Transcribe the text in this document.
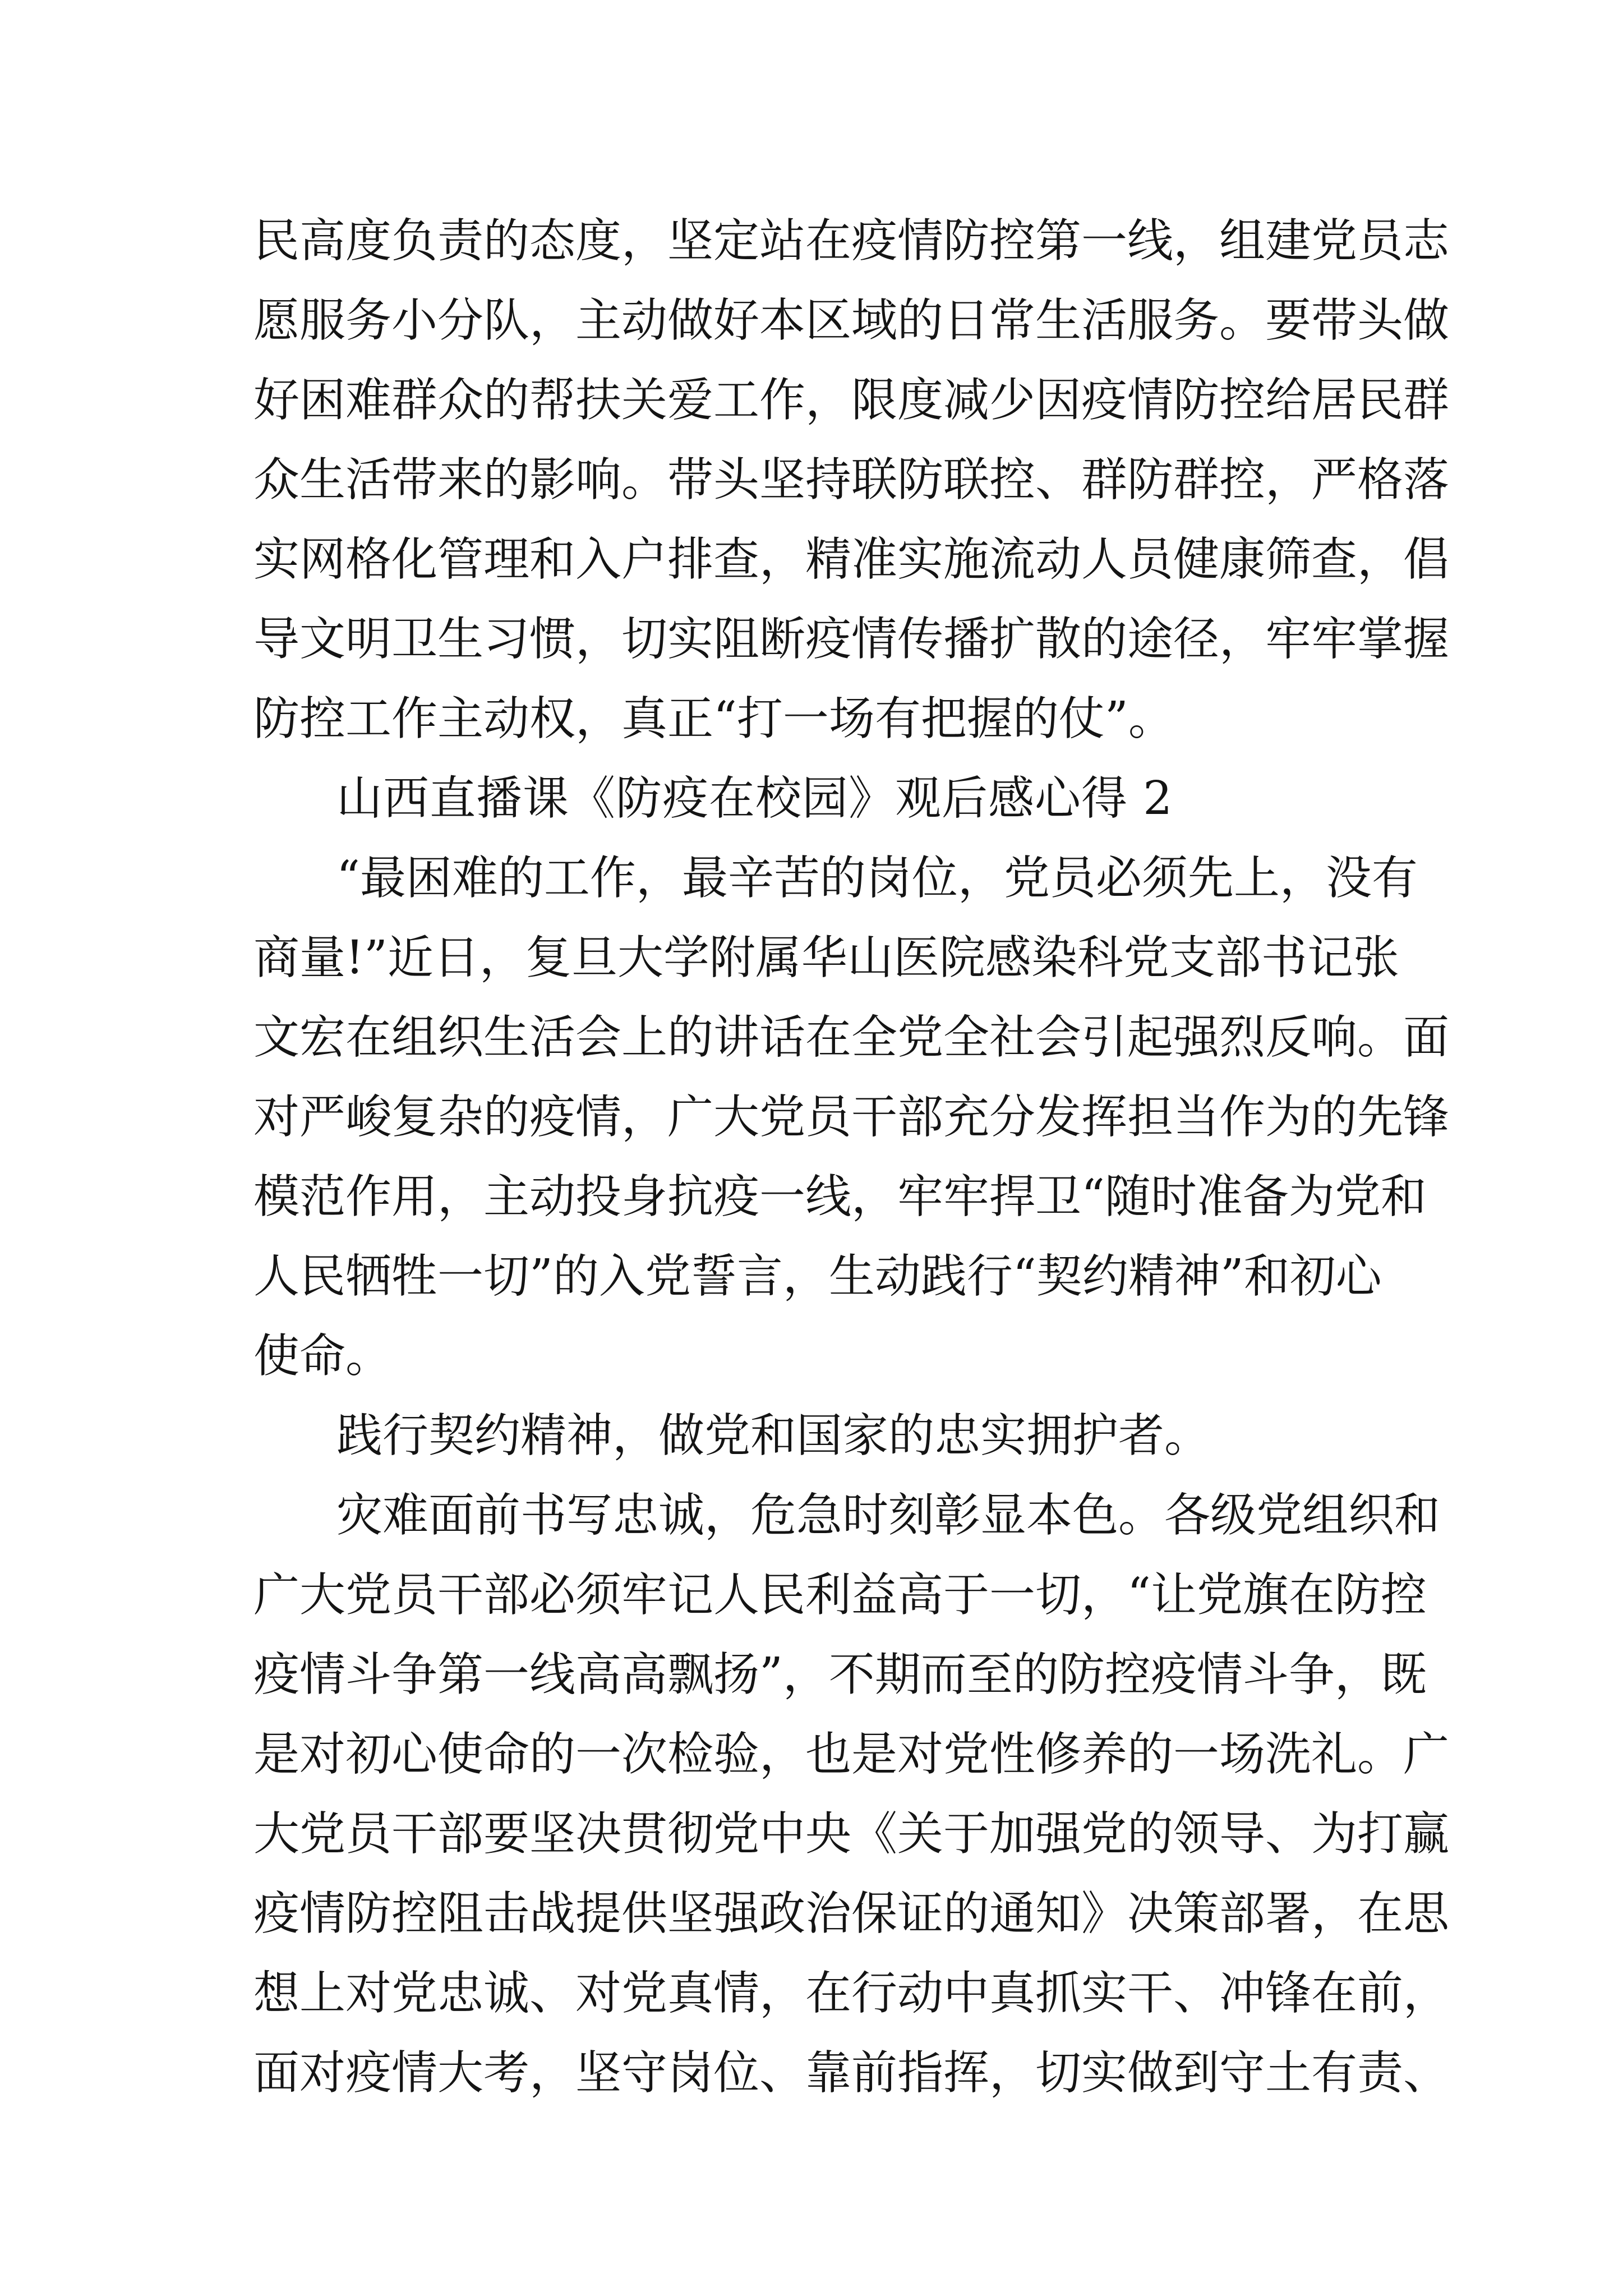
民高度负责的态度，坚定站在疫情防控第一线，组建党员志
愿服务小分队，主动做好本区域的日常生活服务。要带头做
好困难群众的帮扶关爱工作，限度减少因疫情防控给居民群
众生活带来的影响。带头坚持联防联控、群防群控，严格落
实网格化管理和入户排查，精准实施流动人员健康筛查，倡
导文明卫生习惯，切实阻断疫情传播扩散的途径，牢牢掌握
防控工作主动权，真正“打一场有把握的仗”。
山西直播课《防疫在校园》观后感心得 2
“最困难的工作，最辛苦的岗位，党员必须先上，没有
商量!”近日，复旦大学附属华山医院感染科党支部书记张
文宏在组织生活会上的讲话在全党全社会引起强烈反响。面
对严峻复杂的疫情，广大党员干部充分发挥担当作为的先锋
模范作用，主动投身抗疫一线，牢牢捍卫“随时准备为党和
人民牺牲一切”的入党誓言，生动践行“契约精神”和初心
使命。
践行契约精神，做党和国家的忠实拥护者。
灾难面前书写忠诚，危急时刻彰显本色。各级党组织和
广大党员干部必须牢记人民利益高于一切，“让党旗在防控
疫情斗争第一线高高飘扬”，不期而至的防控疫情斗争，既
是对初心使命的一次检验，也是对党性修养的一场洗礼。广
大党员干部要坚决贯彻党中央《关于加强党的领导、为打赢
疫情防控阻击战提供坚强政治保证的通知》决策部署，在思
想上对党忠诚、对党真情，在行动中真抓实干、冲锋在前，
面对疫情大考，坚守岗位、靠前指挥，切实做到守土有责、
